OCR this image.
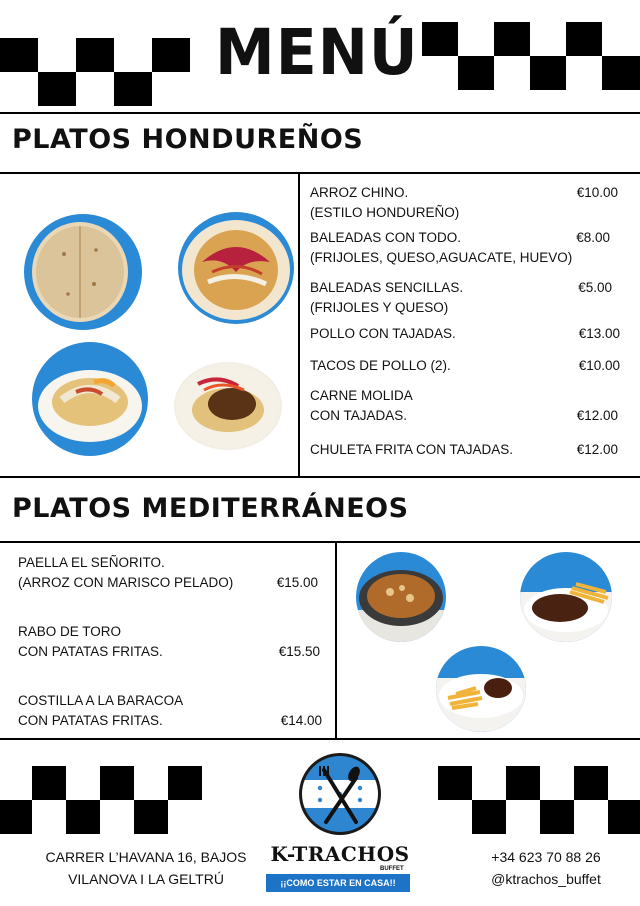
MENÚ
PLATOS HONDUREÑOS
ARROZ CHINO.
(ESTILO HONDUREÑO)
€10.00
BALEADAS CON TODO.
(FRIJOLES, QUESO,AGUACATE, HUEVO)
€8.00
BALEADAS SENCILLAS.
(FRIJOLES Y QUESO)
€5.00
POLLO CON TAJADAS.	€13.00
TACOS DE POLLO (2).	€10.00
CARNE MOLIDA
CON TAJADAS.	€12.00
CHULETA FRITA CON TAJADAS.	€12.00
PLATOS MEDITERRÁNEOS
PAELLA EL SEÑORITO.
(ARROZ CON MARISCO PELADO)	€15.00
RABO DE TORO
CON PATATAS FRITAS.	€15.50
COSTILLA A LA BARACOA
CON PATATAS FRITAS.	€14.00
K-TRACHOS
BUFFET
¡¡COMO ESTAR EN CASA!!
CARRER L’HAVANA 16, BAJOS
VILANOVA I LA GELTRÚ
+34 623 70 88 26
@ktrachos_buffet
